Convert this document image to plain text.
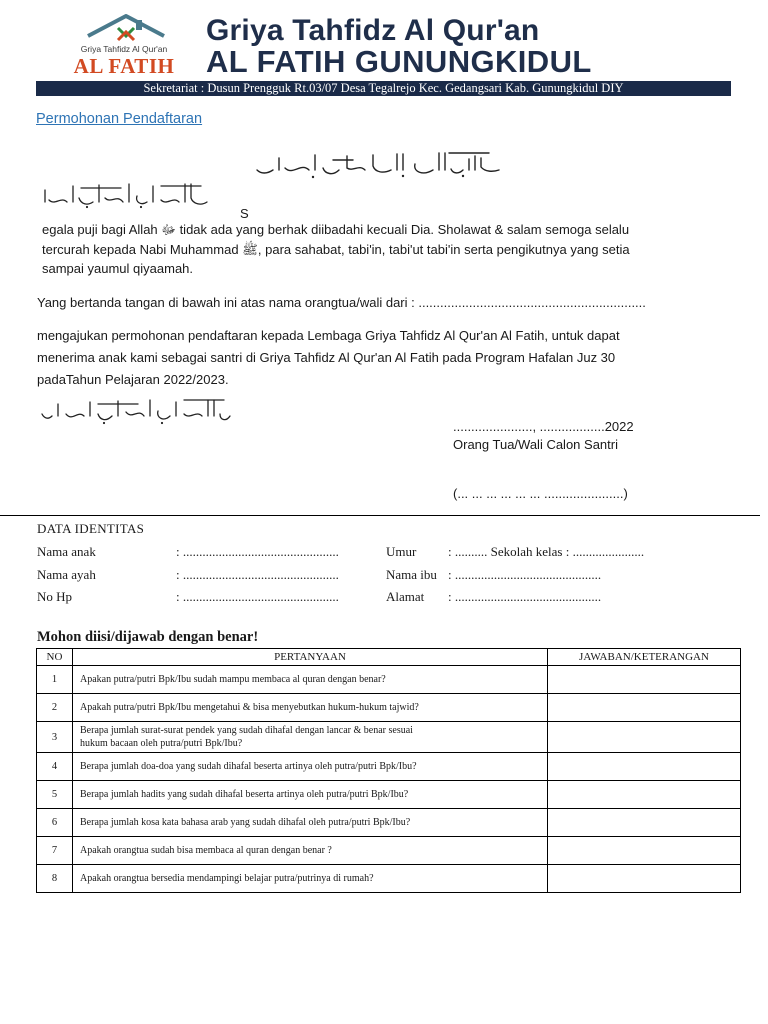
Griya Tahfidz Al Qur'an
AL FATIH
Griya Tahfidz Al Qur'an
AL FATIH GUNUNGKIDUL
Sekretariat : Dusun Prengguk Rt.03/07 Desa Tegalrejo Kec. Gedangsari Kab. Gunungkidul DIY
Permohonan Pendaftaran
S
egala puji bagi Allah ﷻ tidak ada yang berhak diibadahi kecuali Dia. Sholawat & salam semoga selalu
tercurah kepada Nabi Muhammad ﷺ, para sahabat, tabi'in, tabi'ut tabi'in serta pengikutnya yang setia
sampai yaumul qiyaamah.
Yang bertanda tangan di bawah ini atas nama orangtua/wali dari : ...............................................................
mengajukan permohonan pendaftaran kepada Lembaga Griya Tahfidz Al Qur'an Al Fatih, untuk dapat
menerima anak kami sebagai santri di Griya Tahfidz Al Qur'an Al Fatih pada Program Hafalan Juz 30
padaTahun Pelajaran 2022/2023.
......................, ..................2022
Orang Tua/Wali Calon Santri
(... ... ... ... ... ... ......................)
DATA IDENTITAS
Nama anak	: ................................................	Umur : .......... Sekolah kelas : ......................
Nama ayah	: ................................................	Nama ibu : .............................................
No Hp	: ................................................	Alamat : .............................................
Mohon diisi/dijawab dengan benar!
NO	PERTANYAAN	JAWABAN/KETERANGAN
1	Apakan putra/putri Bpk/Ibu sudah mampu membaca al quran dengan benar?	
2	Apakah putra/putri Bpk/Ibu mengetahui & bisa menyebutkan hukum-hukum tajwid?	
3	Berapa jumlah surat-surat pendek yang sudah dihafal dengan lancar & benar sesuai
hukum bacaan oleh putra/putri Bpk/Ibu?	

4	Berapa jumlah doa-doa yang sudah dihafal beserta artinya oleh putra/putri Bpk/Ibu?	
5	Berapa jumlah hadits yang sudah dihafal beserta artinya oleh putra/putri Bpk/Ibu?	
6	Berapa jumlah kosa kata bahasa arab yang sudah dihafal oleh putra/putri Bpk/Ibu?	
7	Apakah orangtua sudah bisa membaca al quran dengan benar ?	
8	Apakah orangtua bersedia mendampingi belajar putra/putrinya di rumah?	
